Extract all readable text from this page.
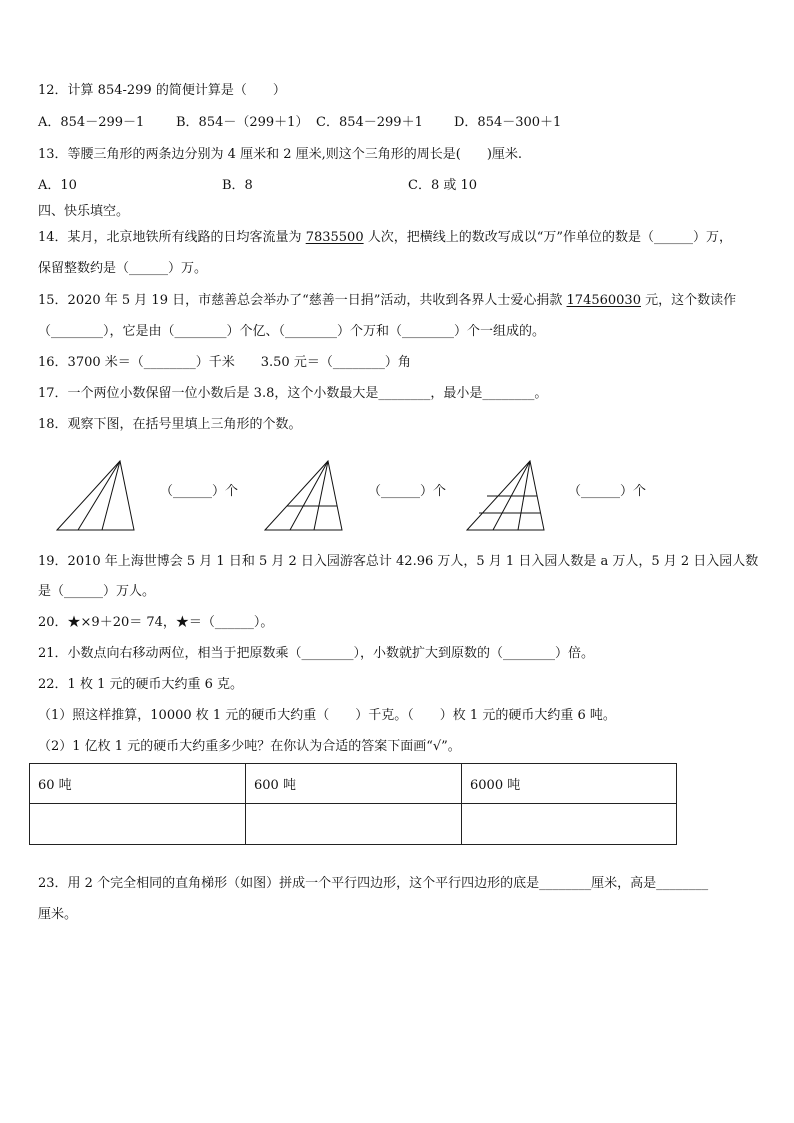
12．计算 854-299 的简便计算是（　　）
A．854－299－1 B．854－（299＋1） C．854－299＋1 D．854－300＋1
13．等腰三角形的两条边分别为 4 厘米和 2 厘米,则这个三角形的周长是(　　)厘米.
A．10	B．8	C．8 或 10
四、快乐填空。
14．某月，北京地铁所有线路的日均客流量为 7835500 人次，把横线上的数改写成以“万”作单位的数是（______）万，
保留整数约是（______）万。
15．2020 年 5 月 19 日，市慈善总会举办了“慈善一日捐”活动，共收到各界人士爱心捐款 174560030 元，这个数读作
（________），它是由（________）个亿、（________）个万和（________）个一组成的。
16．3700 米＝（________）千米　　3.50 元＝（________）角
17．一个两位小数保留一位小数后是 3.8，这个小数最大是________，最小是________。
18．观察下图，在括号里填上三角形的个数。
（______）个	（______）个	（______）个
19．2010 年上海世博会 5 月 1 日和 5 月 2 日入园游客总计 42.96 万人，5 月 1 日入园人数是 a 万人，5 月 2 日入园人数
是（______）万人。
20．★×9＋20＝ 74，★＝（______）。
21．小数点向右移动两位，相当于把原数乘（________），小数就扩大到原数的（________）倍。
22．1 枚 1 元的硬币大约重 6 克。
（1）照这样推算，10000 枚 1 元的硬币大约重（　　）千克。（　　）枚 1 元的硬币大约重 6 吨。
（2）1 亿枚 1 元的硬币大约重多少吨？在你认为合适的答案下面画“√”。
60 吨	600 吨	6000 吨

23．用 2 个完全相同的直角梯形（如图）拼成一个平行四边形，这个平行四边形的底是________厘米，高是________
厘米。
